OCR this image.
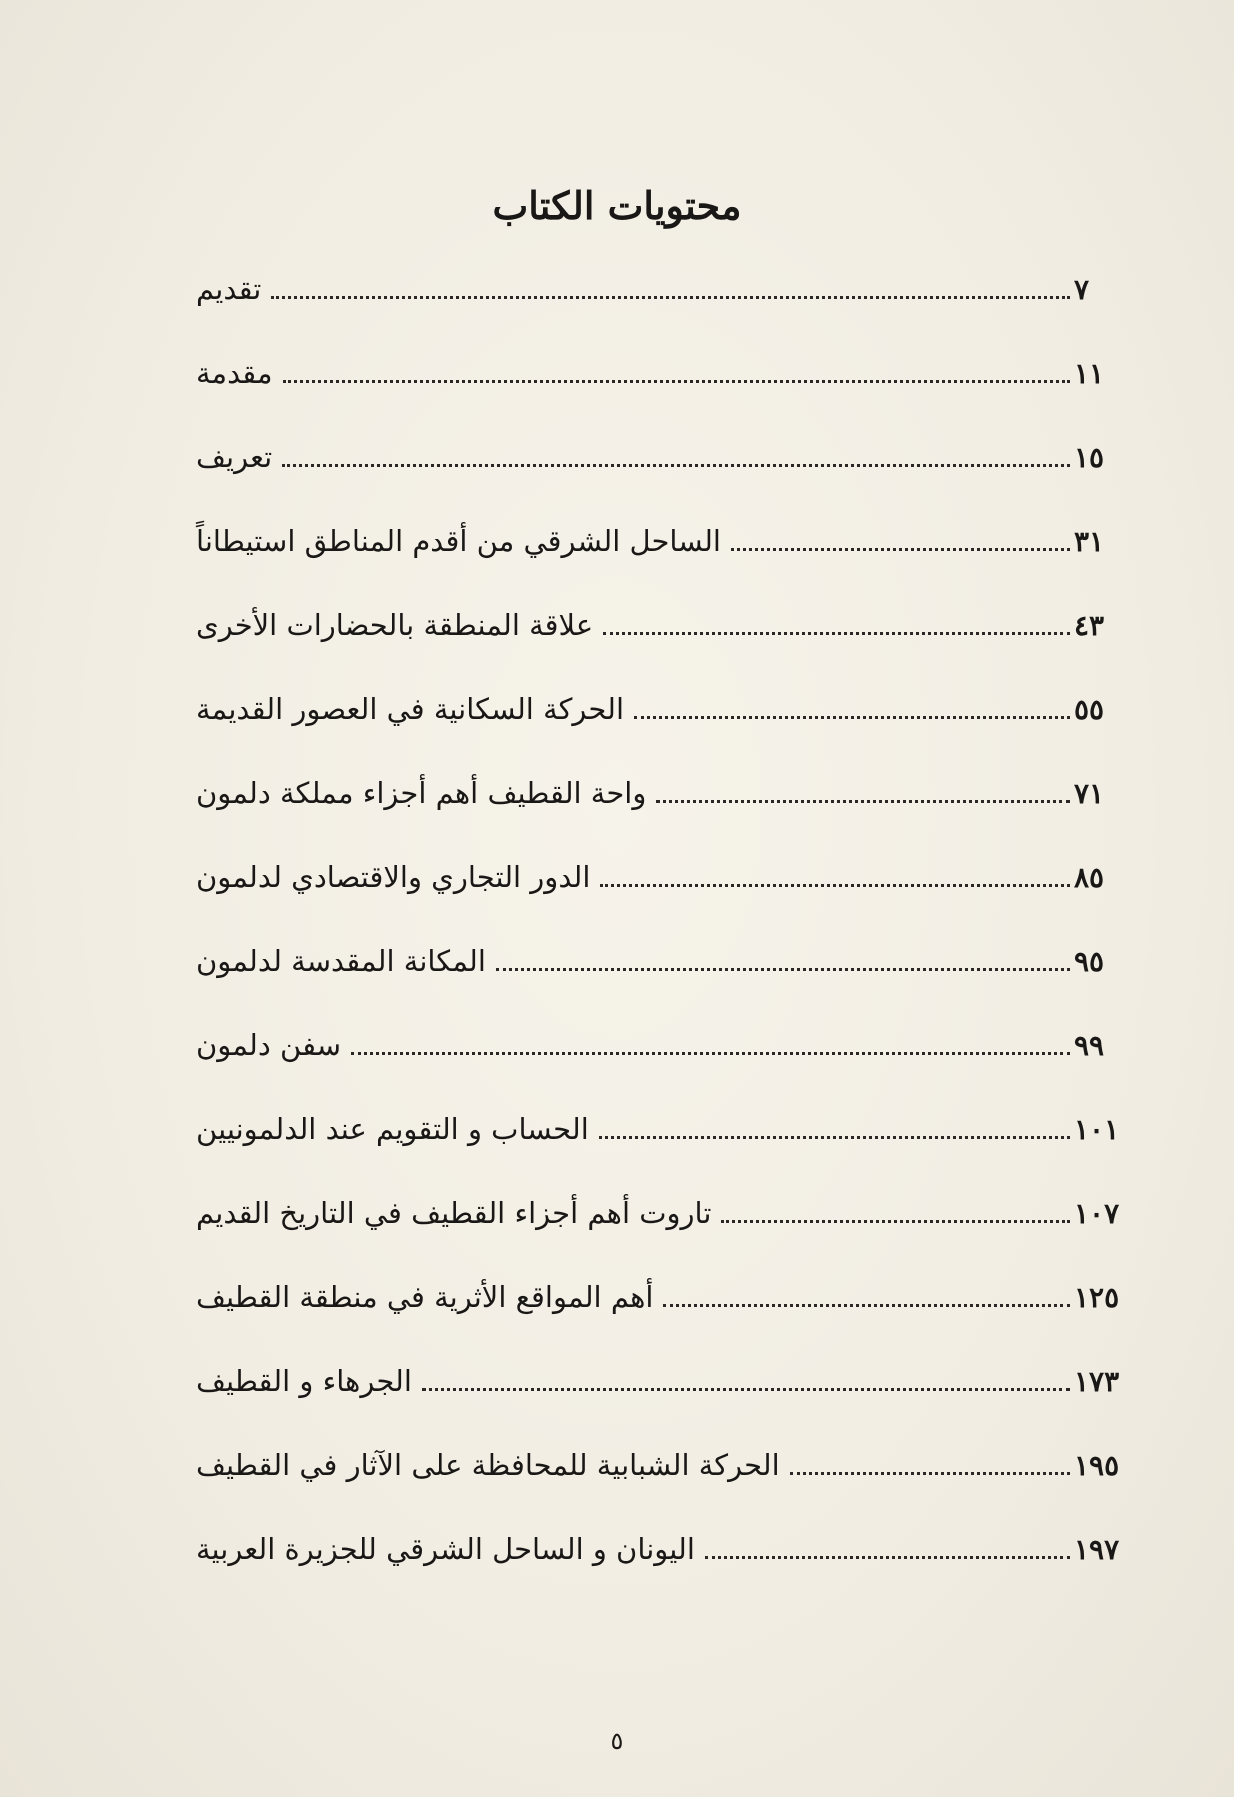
محتويات الكتاب
تقديم	٧
مقدمة	١١
تعريف	١٥
الساحل الشرقي من أقدم المناطق استيطاناً	٣١
علاقة المنطقة بالحضارات الأخرى	٤٣
الحركة السكانية في العصور القديمة	٥٥
واحة القطيف أهم أجزاء مملكة دلمون	٧١
الدور التجاري والاقتصادي لدلمون	٨٥
المكانة المقدسة لدلمون	٩٥
سفن دلمون	٩٩
الحساب و التقويم عند الدلمونيين	١٠١
تاروت أهم أجزاء القطيف في التاريخ القديم	١٠٧
أهم المواقع الأثرية في منطقة القطيف	١٢٥
الجرهاء و القطيف	١٧٣
الحركة الشبابية للمحافظة على الآثار في القطيف	١٩٥
اليونان و الساحل الشرقي للجزيرة العربية	١٩٧
٥
